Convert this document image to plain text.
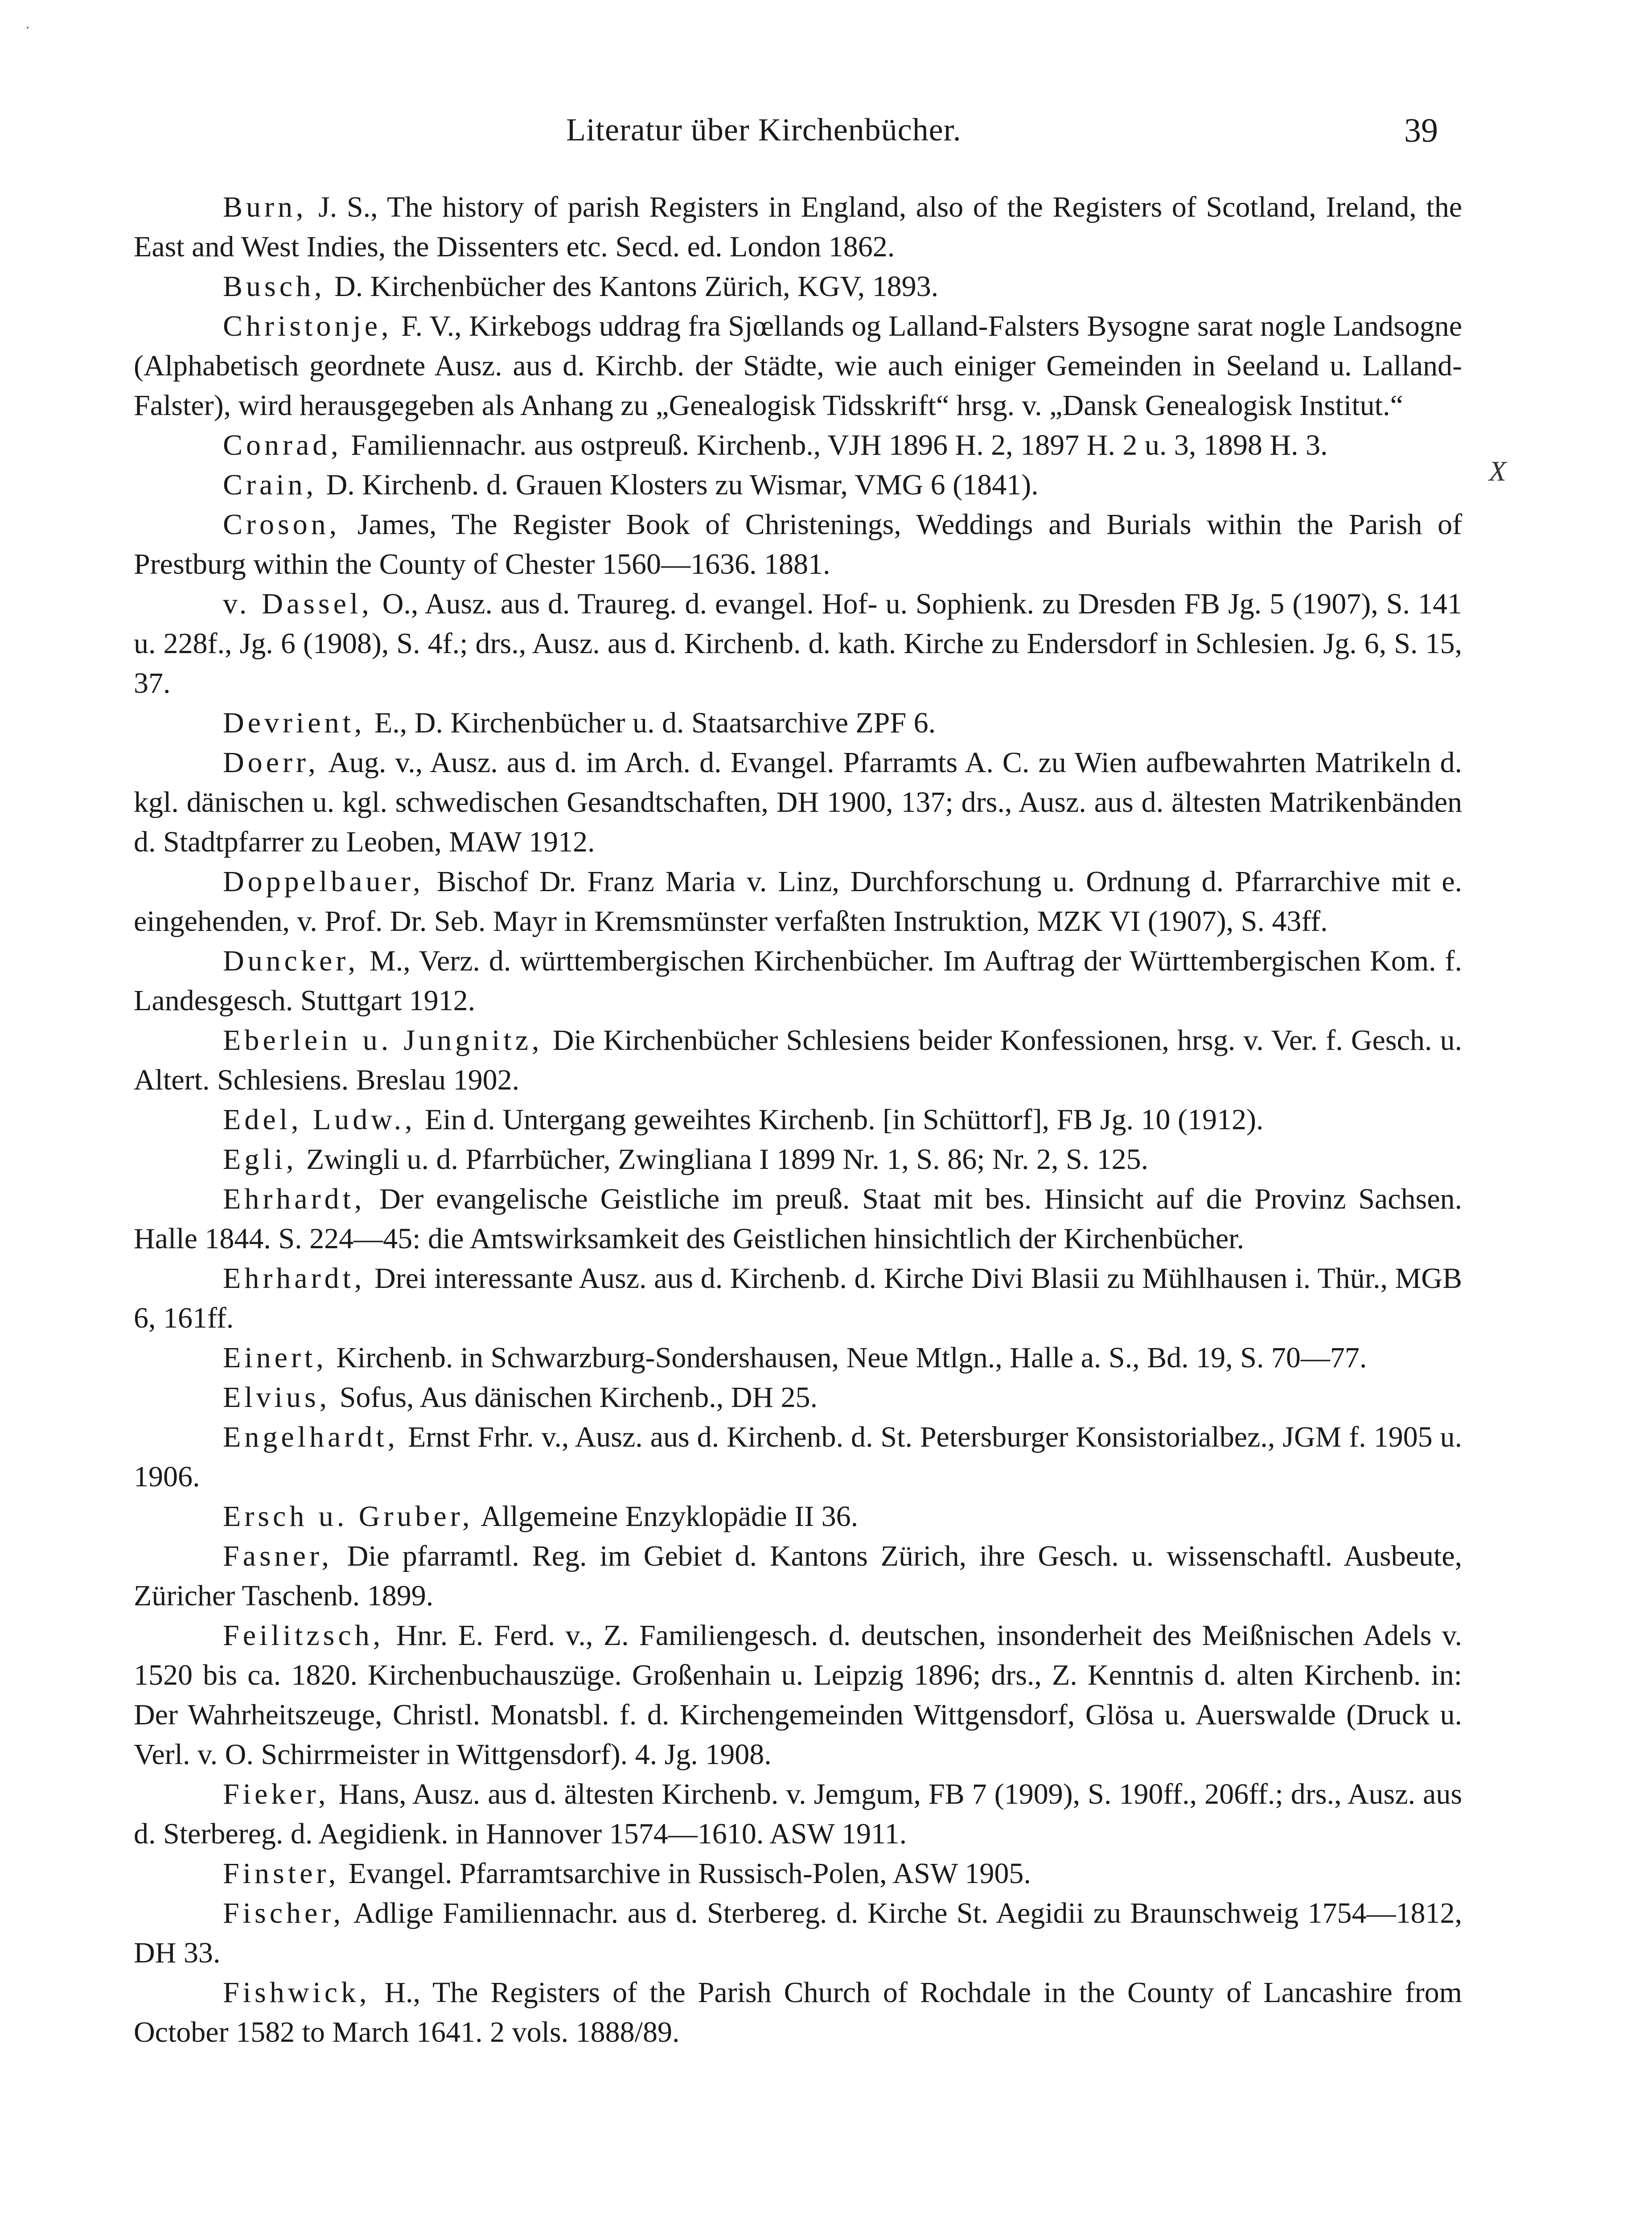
Literatur über Kirchenbücher.	39
X

Burn, J. S., The history of parish Registers in England, also of the Registers of Scotland, Ireland, the East and West Indies, the Dissenters etc. Secd. ed. London 1862.

Busch, D. Kirchenbücher des Kantons Zürich, KGV, 1893.

Christonje, F. V., Kirkebogs uddrag fra Sjœllands og Lalland-Falsters Bysogne sarat nogle Landsogne (Alphabetisch geordnete Ausz. aus d. Kirchb. der Städte, wie auch einiger Gemeinden in Seeland u. Lalland-Falster), wird herausgegeben als Anhang zu „Genealogisk Tidsskrift“ hrsg. v. „Dansk Genealogisk Institut.“

Conrad, Familiennachr. aus ostpreuß. Kirchenb., VJH 1896 H. 2, 1897 H. 2 u. 3, 1898 H. 3.

Crain, D. Kirchenb. d. Grauen Klosters zu Wismar, VMG 6 (1841).

Croson, James, The Register Book of Christenings, Weddings and Burials within the Parish of Prestburg within the County of Chester 1560—1636. 1881.

v. Dassel, O., Ausz. aus d. Traureg. d. evangel. Hof- u. Sophienk. zu Dresden FB Jg. 5 (1907), S. 141 u. 228f., Jg. 6 (1908), S. 4f.; drs., Ausz. aus d. Kirchenb. d. kath. Kirche zu Endersdorf in Schlesien. Jg. 6, S. 15, 37.

Devrient, E., D. Kirchenbücher u. d. Staatsarchive ZPF 6.

Doerr, Aug. v., Ausz. aus d. im Arch. d. Evangel. Pfarramts A. C. zu Wien aufbewahrten Matrikeln d. kgl. dänischen u. kgl. schwedischen Gesandtschaften, DH 1900, 137; drs., Ausz. aus d. ältesten Matrikenbänden d. Stadtpfarrer zu Leoben, MAW 1912.

Doppelbauer, Bischof Dr. Franz Maria v. Linz, Durchforschung u. Ordnung d. Pfarrarchive mit e. eingehenden, v. Prof. Dr. Seb. Mayr in Kremsmünster verfaßten Instruktion, MZK VI (1907), S. 43ff.

Duncker, M., Verz. d. württembergischen Kirchenbücher. Im Auftrag der Württembergischen Kom. f. Landesgesch. Stuttgart 1912.

Eberlein u. Jungnitz, Die Kirchenbücher Schlesiens beider Konfessionen, hrsg. v. Ver. f. Gesch. u. Altert. Schlesiens. Breslau 1902.

Edel, Ludw., Ein d. Untergang geweihtes Kirchenb. [in Schüttorf], FB Jg. 10 (1912).

Egli, Zwingli u. d. Pfarrbücher, Zwingliana I 1899 Nr. 1, S. 86; Nr. 2, S. 125.

Ehrhardt, Der evangelische Geistliche im preuß. Staat mit bes. Hinsicht auf die Provinz Sachsen. Halle 1844. S. 224—45: die Amtswirksamkeit des Geistlichen hinsichtlich der Kirchenbücher.

Ehrhardt, Drei interessante Ausz. aus d. Kirchenb. d. Kirche Divi Blasii zu Mühlhausen i. Thür., MGB 6, 161ff.

Einert, Kirchenb. in Schwarzburg-Sondershausen, Neue Mtlgn., Halle a. S., Bd. 19, S. 70—77.

Elvius, Sofus, Aus dänischen Kirchenb., DH 25.

Engelhardt, Ernst Frhr. v., Ausz. aus d. Kirchenb. d. St. Petersburger Konsistorialbez., JGM f. 1905 u. 1906.

Ersch u. Gruber, Allgemeine Enzyklopädie II 36.

Fasner, Die pfarramtl. Reg. im Gebiet d. Kantons Zürich, ihre Gesch. u. wissenschaftl. Ausbeute, Züricher Taschenb. 1899.

Feilitzsch, Hnr. E. Ferd. v., Z. Familiengesch. d. deutschen, insonderheit des Meißnischen Adels v. 1520 bis ca. 1820. Kirchenbuchauszüge. Großenhain u. Leipzig 1896; drs., Z. Kenntnis d. alten Kirchenb. in: Der Wahrheitszeuge, Christl. Monatsbl. f. d. Kirchengemeinden Wittgensdorf, Glösa u. Auerswalde (Druck u. Verl. v. O. Schirrmeister in Wittgensdorf). 4. Jg. 1908.

Fieker, Hans, Ausz. aus d. ältesten Kirchenb. v. Jemgum, FB 7 (1909), S. 190ff., 206ff.; drs., Ausz. aus d. Sterbereg. d. Aegidienk. in Hannover 1574—1610. ASW 1911.

Finster, Evangel. Pfarramtsarchive in Russisch-Polen, ASW 1905.

Fischer, Adlige Familiennachr. aus d. Sterbereg. d. Kirche St. Aegidii zu Braunschweig 1754—1812, DH 33.

Fishwick, H., The Registers of the Parish Church of Rochdale in the County of Lancashire from October 1582 to March 1641. 2 vols. 1888/89.
